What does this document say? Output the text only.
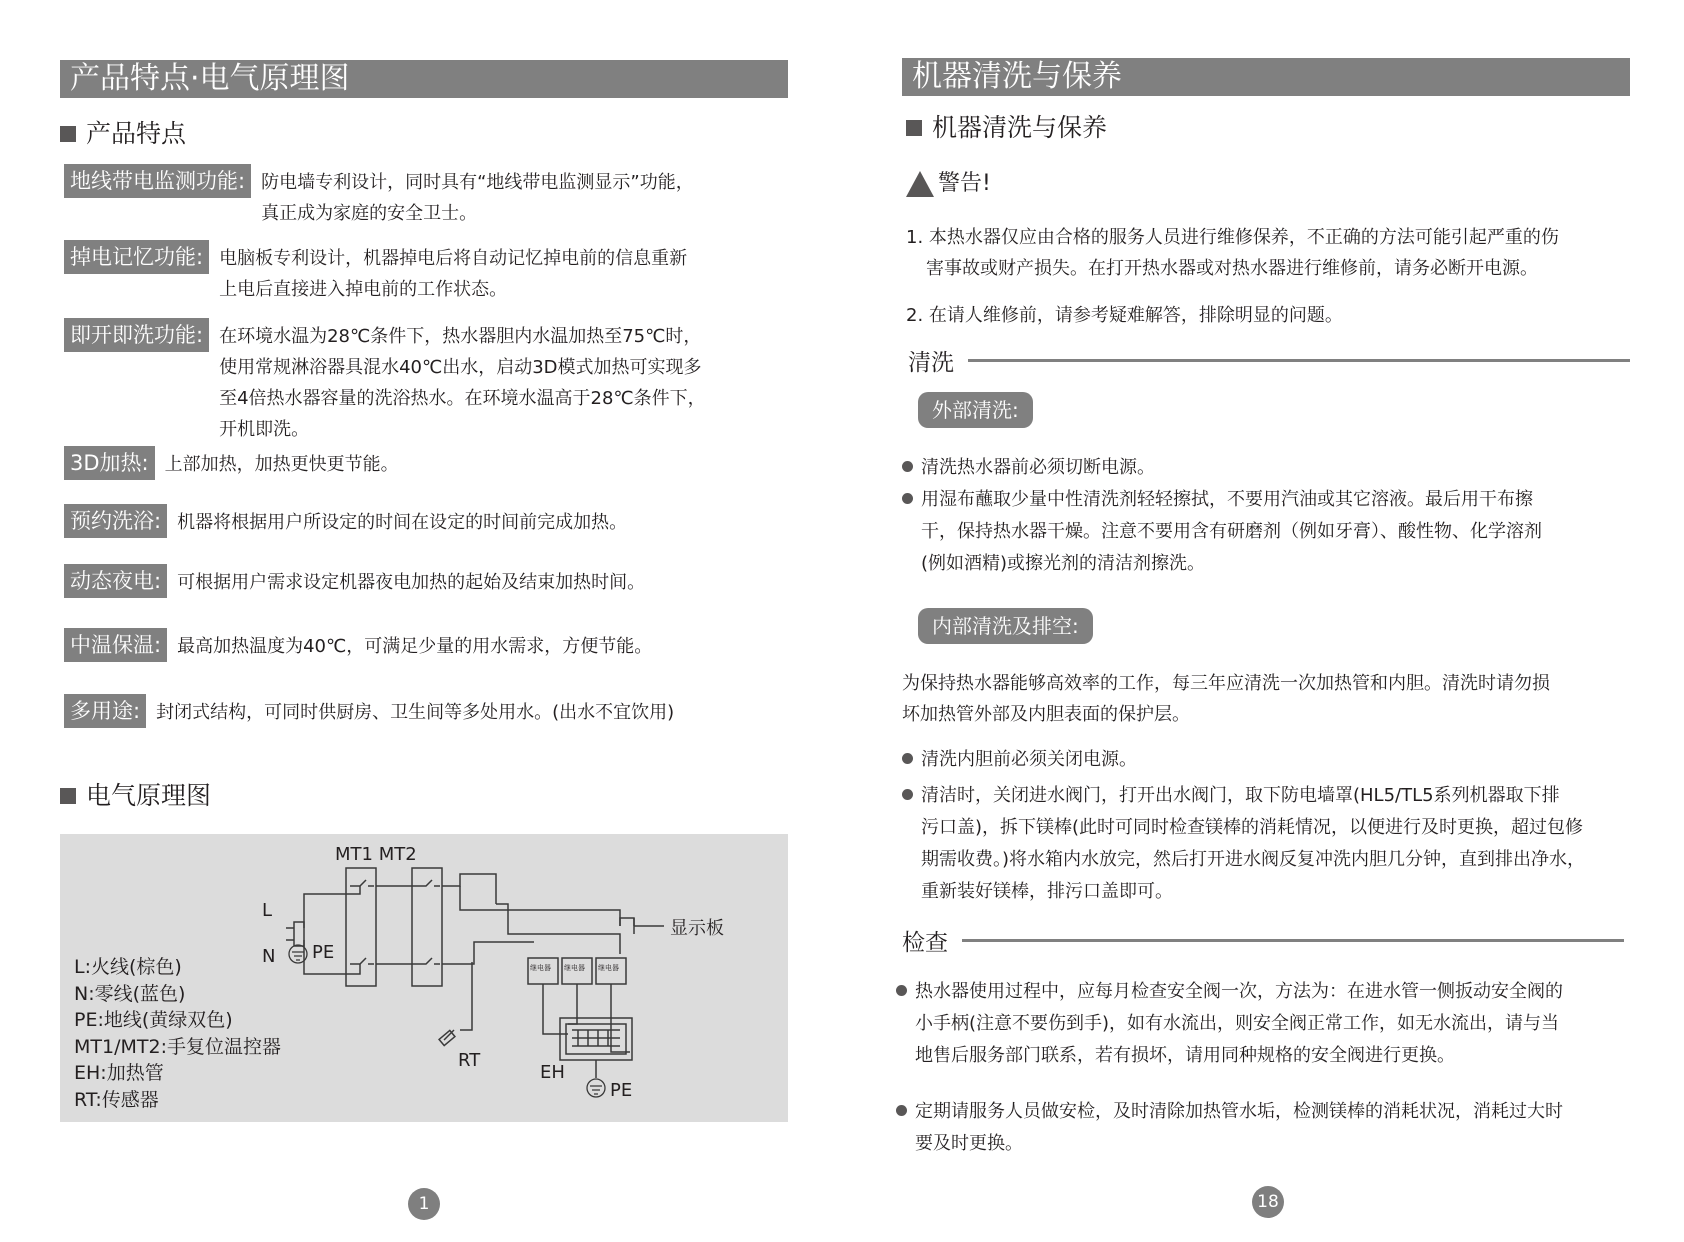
产品特点·电气原理图
产品特点
地线带电监测功能: 防电墙专利设计，同时具有“地线带电监测显示”功能，
真正成为家庭的安全卫士。
掉电记忆功能: 电脑板专利设计，机器掉电后将自动记忆掉电前的信息重新
上电后直接进入掉电前的工作状态。
即开即洗功能: 在环境水温为28℃条件下，热水器胆内水温加热至75℃时，
使用常规淋浴器具混水40℃出水，启动3D模式加热可实现多
至4倍热水器容量的洗浴热水。在环境水温高于28℃条件下，
开机即洗。
3D加热: 上部加热，加热更快更节能。
预约洗浴: 机器将根据用户所设定的时间在设定的时间前完成加热。
动态夜电: 可根据用户需求设定机器夜电加热的起始及结束加热时间。
中温保温: 最高加热温度为40℃，可满足少量的用水需求，方便节能。
多用途: 封闭式结构，可同时供厨房、卫生间等多处用水。(出水不宜饮用)
电气原理图
MT1 MT2
L
N PE
显示板
RT
EH
PE
继电器 继电器 继电器
L:火线(棕色)
N:零线(蓝色)
PE:地线(黄绿双色)
MT1/MT2:手复位温控器
EH:加热管
RT:传感器
1
机器清洗与保养
机器清洗与保养
警告!
1. 本热水器仅应由合格的服务人员进行维修保养，不正确的方法可能引起严重的伤
害事故或财产损失。在打开热水器或对热水器进行维修前，请务必断开电源。
2. 在请人维修前，请参考疑难解答，排除明显的问题。
清洗
外部清洗:
清洗热水器前必须切断电源。
用湿布蘸取少量中性清洗剂轻轻擦拭，不要用汽油或其它溶液。最后用干布擦
干，保持热水器干燥。注意不要用含有研磨剂（例如牙膏）、酸性物、化学溶剂
(例如酒精)或擦光剂的清洁剂擦洗。
内部清洗及排空:
为保持热水器能够高效率的工作，每三年应清洗一次加热管和内胆。清洗时请勿损
坏加热管外部及内胆表面的保护层。
清洗内胆前必须关闭电源。
清洁时，关闭进水阀门，打开出水阀门，取下防电墙罩(HL5/TL5系列机器取下排
污口盖)，拆下镁棒(此时可同时检查镁棒的消耗情况，以便进行及时更换，超过包修
期需收费。)将水箱内水放完，然后打开进水阀反复冲洗内胆几分钟，直到排出净水，
重新装好镁棒，排污口盖即可。
检查
热水器使用过程中，应每月检查安全阀一次，方法为：在进水管一侧扳动安全阀的
小手柄(注意不要伤到手)，如有水流出，则安全阀正常工作，如无水流出，请与当
地售后服务部门联系，若有损坏，请用同种规格的安全阀进行更换。
定期请服务人员做安检，及时清除加热管水垢，检测镁棒的消耗状况，消耗过大时
要及时更换。
18
